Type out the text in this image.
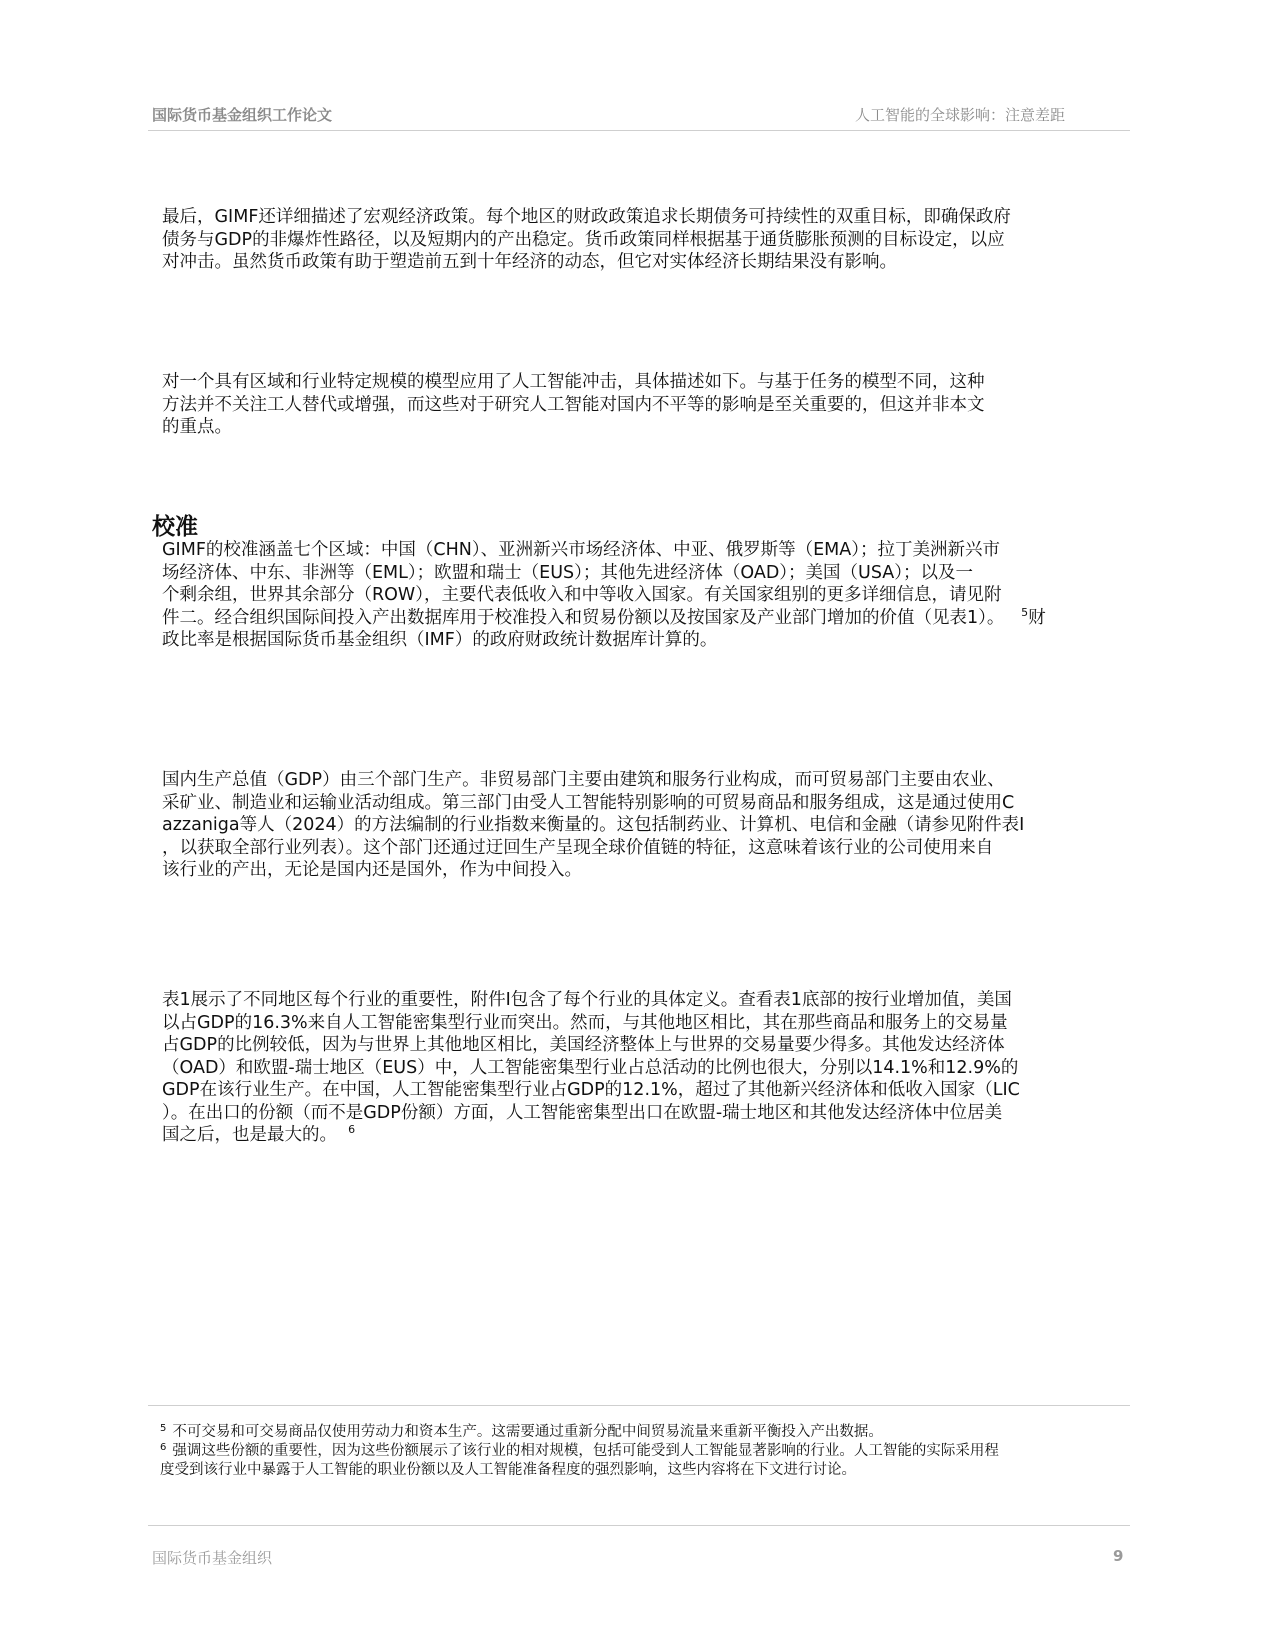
国际货币基金组织工作论文	人工智能的全球影响：注意差距
最后，GIMF还详细描述了宏观经济政策。每个地区的财政政策追求长期债务可持续性的双重目标，即确保政府
债务与GDP的非爆炸性路径，以及短期内的产出稳定。货币政策同样根据基于通货膨胀预测的目标设定，以应
对冲击。虽然货币政策有助于塑造前五到十年经济的动态，但它对实体经济长期结果没有影响。
对一个具有区域和行业特定规模的模型应用了人工智能冲击，具体描述如下。与基于任务的模型不同，这种
方法并不关注工人替代或增强，而这些对于研究人工智能对国内不平等的影响是至关重要的，但这并非本文
的重点。
校准
GIMF的校准涵盖七个区域：中国（CHN）、亚洲新兴市场经济体、中亚、俄罗斯等（EMA）；拉丁美洲新兴市
场经济体、中东、非洲等（EML）；欧盟和瑞士（EUS）；其他先进经济体（OAD）；美国（USA）；以及一
个剩余组，世界其余部分（ROW），主要代表低收入和中等收入国家。有关国家组别的更多详细信息，请见附
件二。经合组织国际间投入产出数据库用于校准投入和贸易份额以及按国家及产业部门增加的价值（见表1）。 $^5$财
政比率是根据国际货币基金组织（IMF）的政府财政统计数据库计算的。
国内生产总值（GDP）由三个部门生产。非贸易部门主要由建筑和服务行业构成，而可贸易部门主要由农业、
采矿业、制造业和运输业活动组成。第三部门由受人工智能特别影响的可贸易商品和服务组成，这是通过使用C
azzaniga等人（2024）的方法编制的行业指数来衡量的。这包括制药业、计算机、电信和金融（请参见附件表I
，以获取全部行业列表）。这个部门还通过迂回生产呈现全球价值链的特征，这意味着该行业的公司使用来自
该行业的产出，无论是国内还是国外，作为中间投入。
表1展示了不同地区每个行业的重要性，附件I包含了每个行业的具体定义。查看表1底部的按行业增加值，美国
以占GDP的16.3%来自人工智能密集型行业而突出。然而，与其他地区相比，其在那些商品和服务上的交易量
占GDP的比例较低，因为与世界上其他地区相比，美国经济整体上与世界的交易量要少得多。其他发达经济体
（OAD）和欧盟-瑞士地区（EUS）中，人工智能密集型行业占总活动的比例也很大，分别以14.1%和12.9%的
GDP在该行业生产。在中国，人工智能密集型行业占GDP的12.1%，超过了其他新兴经济体和低收入国家（LIC
）。在出口的份额（而不是GDP份额）方面，人工智能密集型出口在欧盟-瑞士地区和其他发达经济体中位居美
国之后，也是最大的。 $^6$
$^5$ 不可交易和可交易商品仅使用劳动力和资本生产。这需要通过重新分配中间贸易流量来重新平衡投入产出数据。
$^6$ 强调这些份额的重要性，因为这些份额展示了该行业的相对规模，包括可能受到人工智能显著影响的行业。人工智能的实际采用程
度受到该行业中暴露于人工智能的职业份额以及人工智能准备程度的强烈影响，这些内容将在下文进行讨论。
国际货币基金组织	9
